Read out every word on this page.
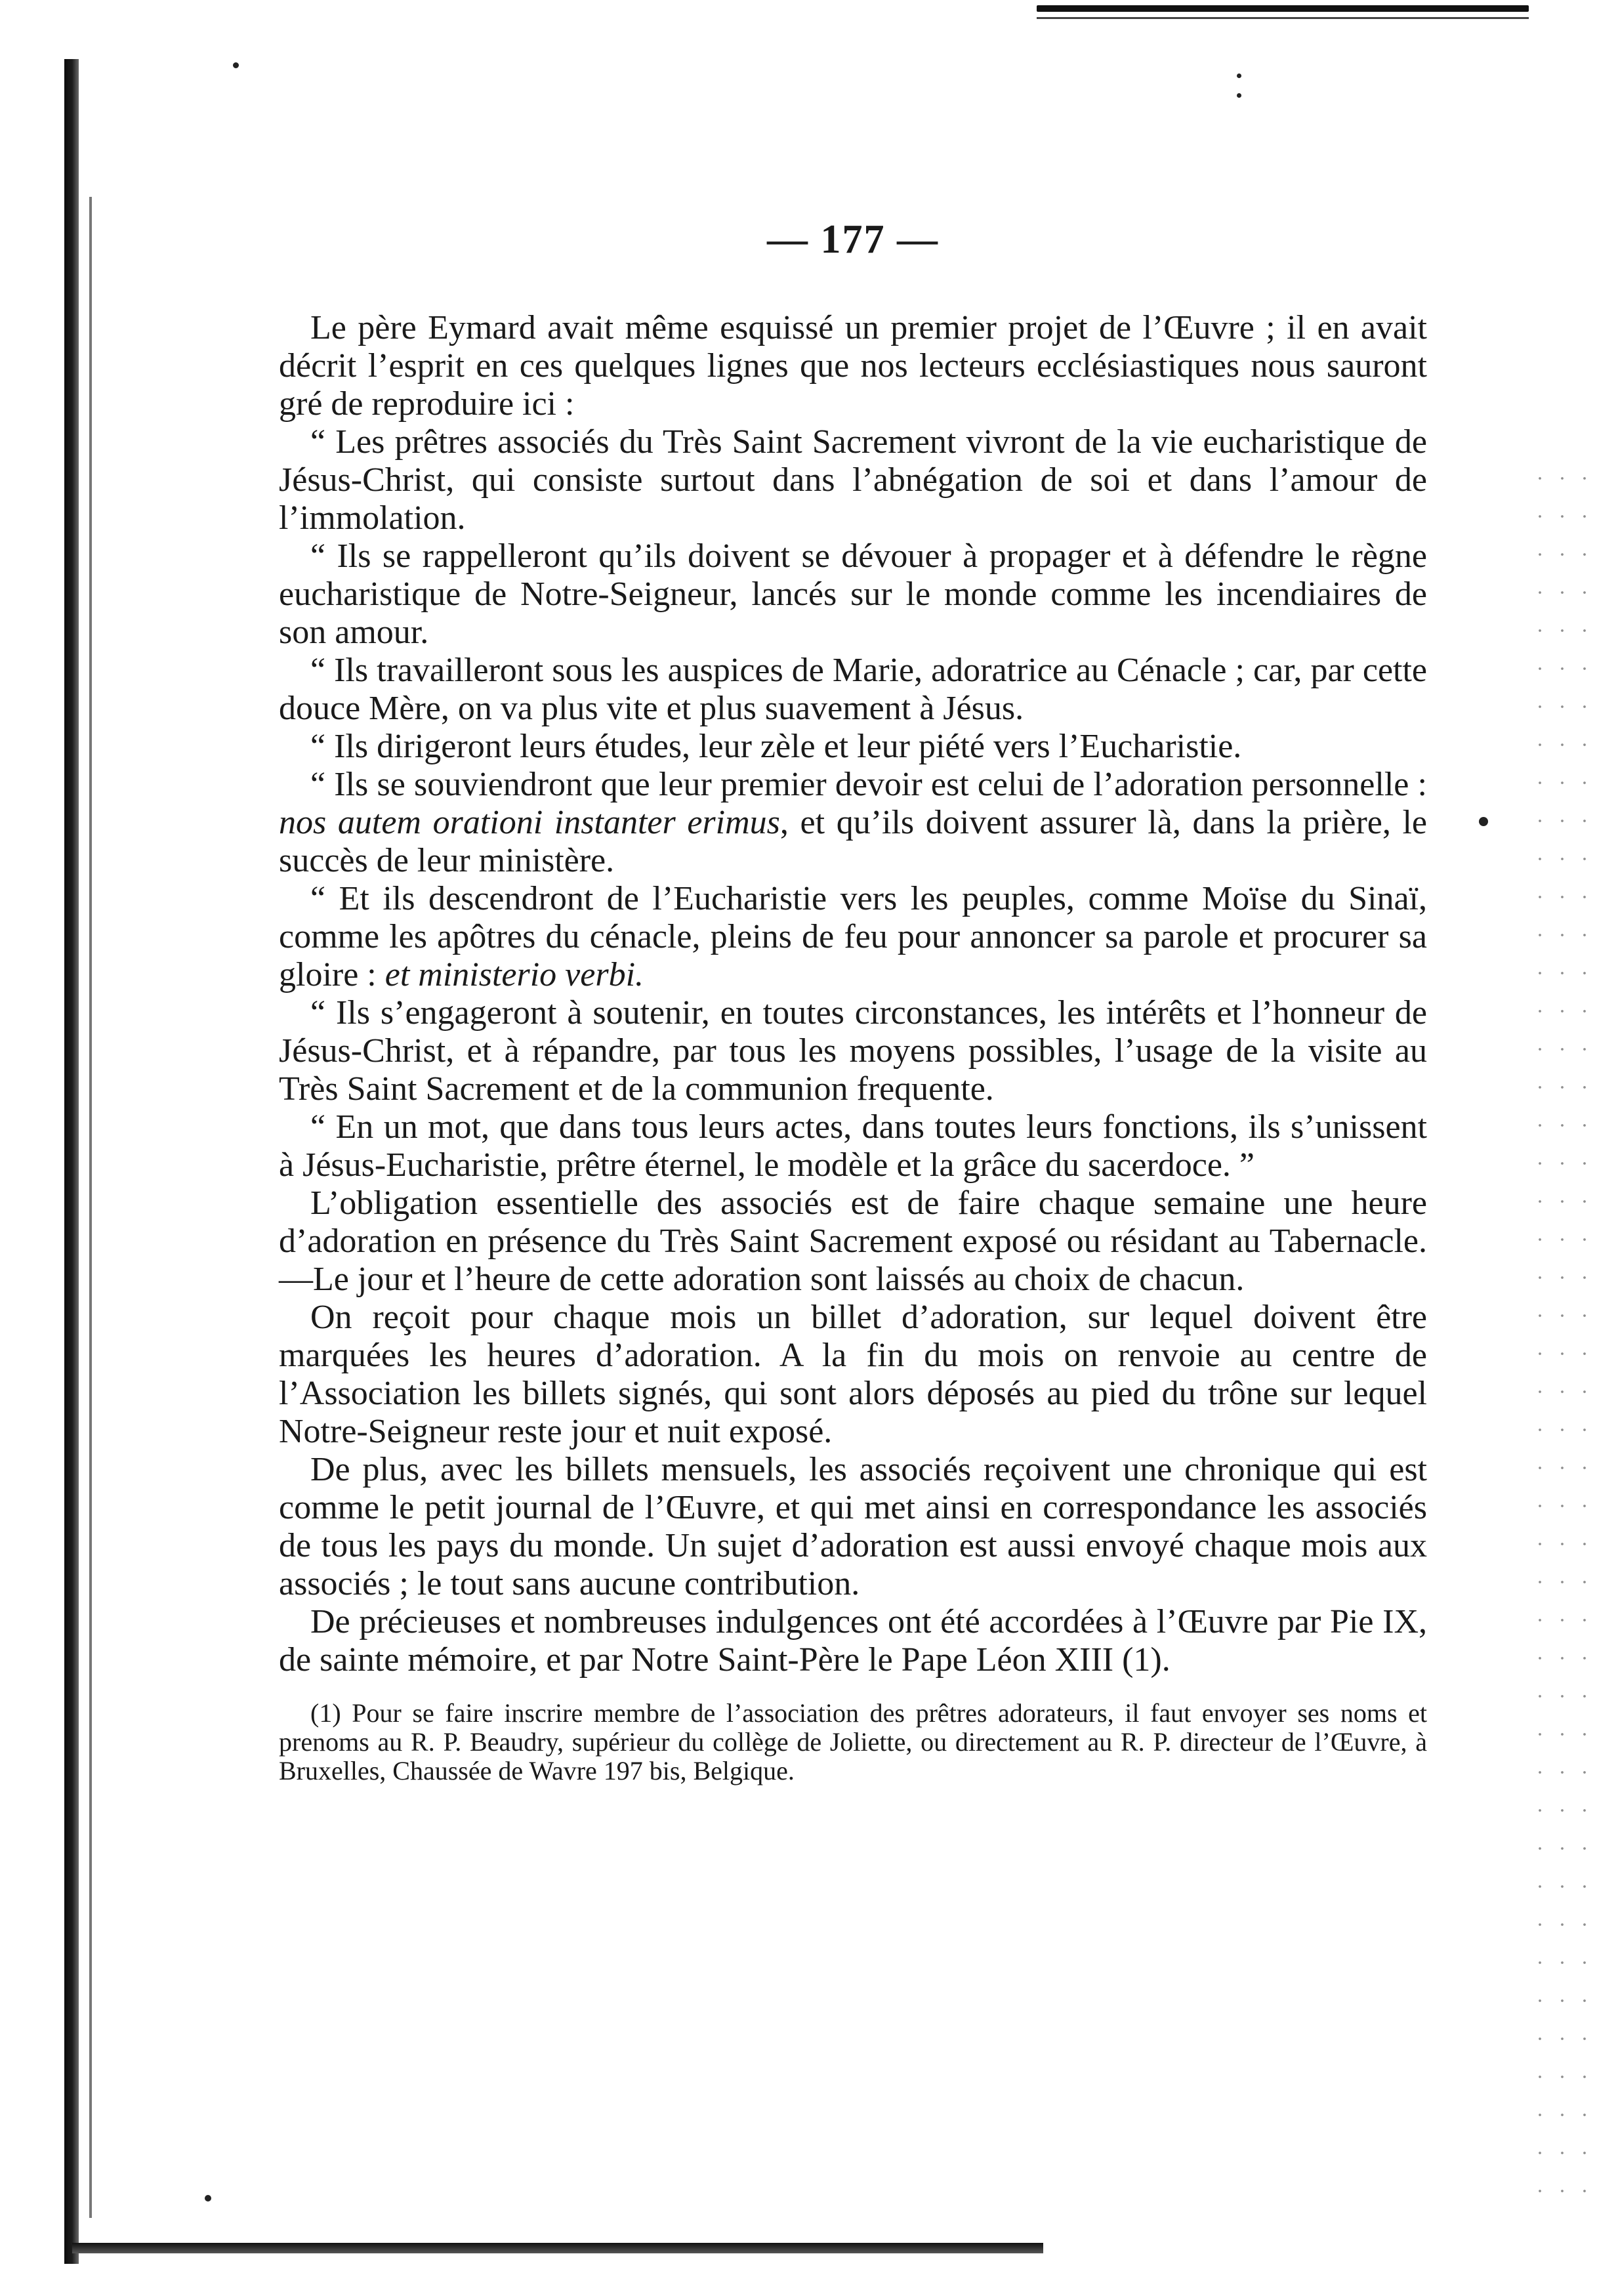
— 177 —

Le père Eymard avait même esquissé un premier projet de l’Œuvre ; il en avait décrit l’esprit en ces quelques lignes que nos lecteurs ecclésiastiques nous sauront gré de reproduire ici :

“ Les prêtres associés du Très Saint Sacrement vivront de la vie eucharistique de Jésus-Christ, qui consiste surtout dans l’abnégation de soi et dans l’amour de l’immolation.

“ Ils se rappelleront qu’ils doivent se dévouer à propager et à défendre le règne eucharistique de Notre-Seigneur, lancés sur le monde comme les incendiaires de son amour.

“ Ils travailleront sous les auspices de Marie, adoratrice au Cénacle ; car, par cette douce Mère, on va plus vite et plus suavement à Jésus.

“ Ils dirigeront leurs études, leur zèle et leur piété vers l’Eucharistie.

“ Ils se souviendront que leur premier devoir est celui de l’adoration personnelle : nos autem orationi instanter erimus, et qu’ils doivent assurer là, dans la prière, le succès de leur ministère.

“ Et ils descendront de l’Eucharistie vers les peuples, comme Moïse du Sinaï, comme les apôtres du cénacle, pleins de feu pour annoncer sa parole et procurer sa gloire : et ministerio verbi.

“ Ils s’engageront à soutenir, en toutes circonstances, les intérêts et l’honneur de Jésus-Christ, et à répandre, par tous les moyens possibles, l’usage de la visite au Très Saint Sacrement et de la communion frequente.

“ En un mot, que dans tous leurs actes, dans toutes leurs fonctions, ils s’unissent à Jésus-Eucharistie, prêtre éternel, le modèle et la grâce du sacerdoce. ”

L’obligation essentielle des associés est de faire chaque semaine une heure d’adoration en présence du Très Saint Sacrement exposé ou résidant au Tabernacle.—Le jour et l’heure de cette adoration sont laissés au choix de chacun.

On reçoit pour chaque mois un billet d’adoration, sur lequel doivent être marquées les heures d’adoration. A la fin du mois on renvoie au centre de l’Association les billets signés, qui sont alors déposés au pied du trône sur lequel Notre-Seigneur reste jour et nuit exposé.

De plus, avec les billets mensuels, les associés reçoivent une chronique qui est comme le petit journal de l’Œuvre, et qui met ainsi en correspondance les associés de tous les pays du monde. Un sujet d’adoration est aussi envoyé chaque mois aux associés ; le tout sans aucune contribution.

De précieuses et nombreuses indulgences ont été accordées à l’Œuvre par Pie IX, de sainte mémoire, et par Notre Saint-Père le Pape Léon XIII (1).

(1) Pour se faire inscrire membre de l’association des prêtres adorateurs, il faut envoyer ses noms et prenoms au R. P. Beaudry, supérieur du collège de Joliette, ou directement au R. P. directeur de l’Œuvre, à Bruxelles, Chaussée de Wavre 197 bis, Belgique.
